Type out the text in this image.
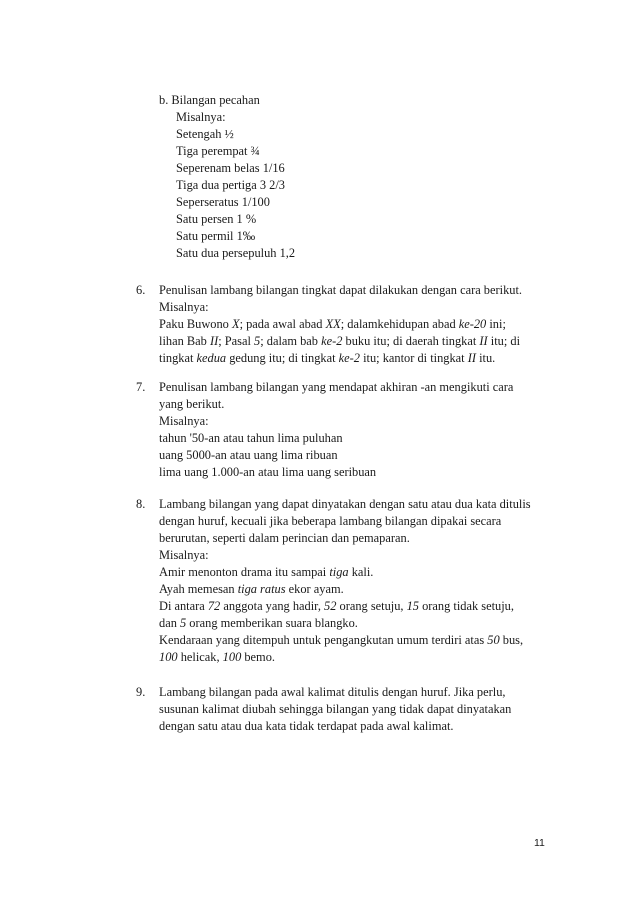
b. Bilangan pecahan
Misalnya:
Setengah ½
Tiga perempat ¾
Seperenam belas 1/16
Tiga dua pertiga 3 2/3
Seperseratus 1/100
Satu persen 1 %
Satu permil 1‰
Satu dua persepuluh 1,2
6. Penulisan lambang bilangan tingkat dapat dilakukan dengan cara berikut.
Misalnya:
Paku Buwono X; pada awal abad XX; dalamkehidupan abad ke-20 ini;
lihan Bab II; Pasal 5; dalam bab ke-2 buku itu; di daerah tingkat II itu; di
tingkat kedua gedung itu; di tingkat ke-2 itu; kantor di tingkat II itu.
7. Penulisan lambang bilangan yang mendapat akhiran -an mengikuti cara
yang berikut.
Misalnya:
tahun '50-an atau tahun lima puluhan
uang 5000-an atau uang lima ribuan
lima uang 1.000-an atau lima uang seribuan
8. Lambang bilangan yang dapat dinyatakan dengan satu atau dua kata ditulis
dengan huruf, kecuali jika beberapa lambang bilangan dipakai secara
berurutan, seperti dalam perincian dan pemaparan.
Misalnya:
Amir menonton drama itu sampai tiga kali.
Ayah memesan tiga ratus ekor ayam.
Di antara 72 anggota yang hadir, 52 orang setuju, 15 orang tidak setuju,
dan 5 orang memberikan suara blangko.
Kendaraan yang ditempuh untuk pengangkutan umum terdiri atas 50 bus,
100 helicak, 100 bemo.
9. Lambang bilangan pada awal kalimat ditulis dengan huruf. Jika perlu,
susunan kalimat diubah sehingga bilangan yang tidak dapat dinyatakan
dengan satu atau dua kata tidak terdapat pada awal kalimat.
11
